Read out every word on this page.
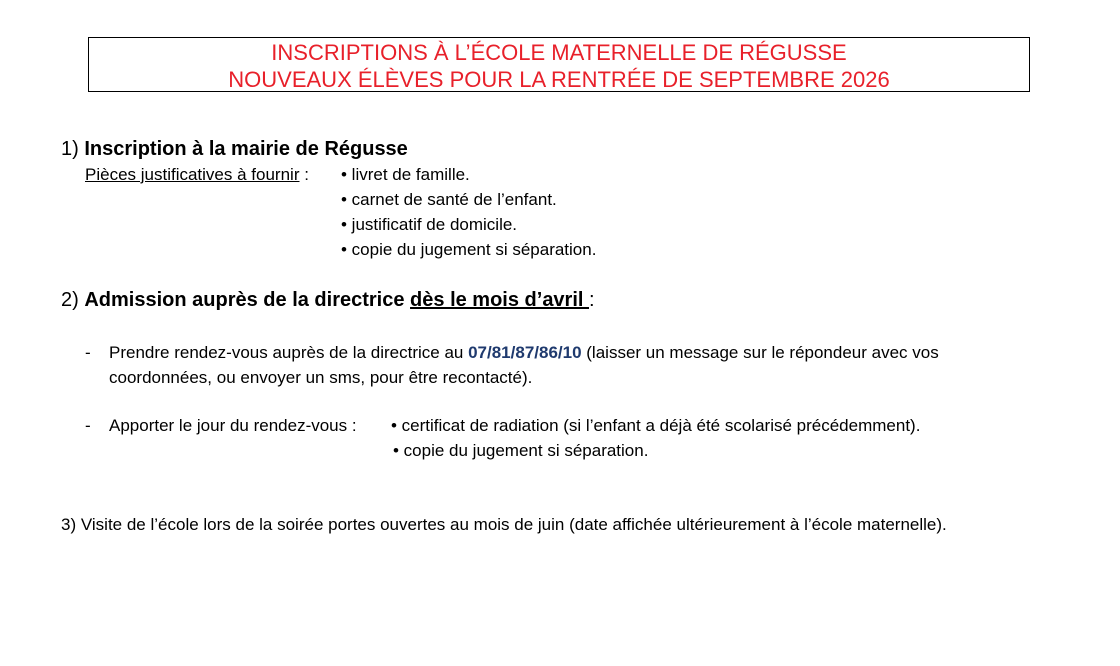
INSCRIPTIONS À L’ÉCOLE MATERNELLE DE RÉGUSSE
NOUVEAUX ÉLÈVES POUR LA RENTRÉE DE SEPTEMBRE 2026
1) Inscription à la mairie de Régusse
Pièces justificatives à fournir : • livret de famille.
• carnet de santé de l’enfant.
• justificatif de domicile.
• copie du jugement si séparation.
2) Admission auprès de la directrice dès le mois d’avril :
- Prendre rendez-vous auprès de la directrice au 07/81/87/86/10 (laisser un message sur le répondeur avec vos
coordonnées, ou envoyer un sms, pour être recontacté).
- Apporter le jour du rendez-vous : • certificat de radiation (si l’enfant a déjà été scolarisé précédemment).
• copie du jugement si séparation.
3) Visite de l’école lors de la soirée portes ouvertes au mois de juin (date affichée ultérieurement à l’école maternelle).
